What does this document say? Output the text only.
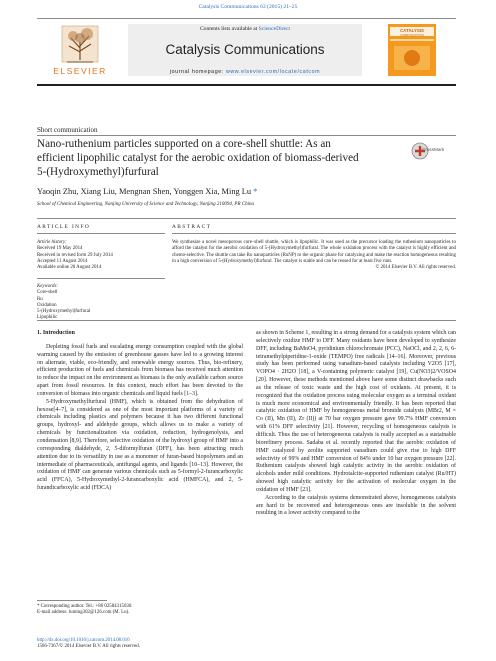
Catalysis Communications 63 (2015) 21–25
ELSEVIER
Contents lists available at ScienceDirect
Catalysis Communications
journal homepage: www.elsevier.com/locate/catcom
CATALYSIS
COMMUNICATIONS
Short communication
Nano-ruthenium particles supported on a core-shell shuttle: As an efficient lipophilic catalyst for the aerobic oxidation of biomass-derived 5-(Hydroxymethyl)furfural
CrossMark
Yaoqin Zhu, Xiang Liu, Mengnan Shen, Yonggen Xia, Ming Lu *
School of Chemical Engineering, Nanjing University of Science and Technology, Nanjing 210094, PR China
ARTICLE INFO	ABSTRACT
Article history:
Received 19 May 2014
Received in revised form 29 July 2014
Accepted 11 August 2014
Available online 20 August 2014
Keywords:
Core-shell
Ru
Oxidation
5-(Hydroxymethyl)furfural
Lipophilic
We synthesize a novel mesoporous core–shell shuttle, which is lipophilic. It was used as the precursor loading the ruthenium nanoparticles to afford the catalyst for the aerobic oxidation of 5-(Hydroxymethyl)furfural. The whole oxidation process with the catalyst is highly efficient and chemo-selective. The shuttle can take Ru nanoparticles (RuNP) to the organic phase for catalyzing and make the reaction homogeneous resulting in a high conversion of 5-(Hydroxymethyl)furfural. The catalyst is stable and can be reused for at least five runs.
© 2014 Elsevier B.V. All rights reserved.

1. Introduction

Depleting fossil fuels and escalating energy consumption coupled with the global warming caused by the emission of greenhouse gasses have led to a growing interest on alternate, viable, eco-friendly, and renewable energy sources. Thus, bio-refinery, efficient production of fuels and chemicals from biomass has received much attention to reduce the impact on the environment as biomass is the only available carbon source apart from fossil resources. In this context, much effort has been devoted to the conversion of biomass into organic chemicals and liquid fuels [1–3].

5-Hydroxymethylfurfural (HMF), which is obtained from the dehydration of hexose[4–7], is considered as one of the most important platforms of a variety of chemicals including plastics and polymers because it has two different functional groups, hydroxyl- and aldehyde groups, which allows us to make a variety of chemicals by functionalization via oxidation, reduction, hydrogenolysis, and condensation [8,9]. Therefore, selective oxidation of the hydroxyl group of HMF into a corresponding dialdehyde, 2, 5-diformylfuran (DFF), has been attracting much attention due to its versatility in use as a monomer of furan-based biopolymers and an intermediate of pharmaceuticals, antifungal agents, and ligands [10–13]. However, the oxidation of HMF can generate various chemicals such as 5-formyl-2-furancarboxylic acid (FFCA), 5-Hydroxymethyl-2-furancarboxylic acid (HMFCA), and 2, 5-furandicarboxylic acid (FDCA)

as shown in Scheme 1, resulting in a strong demand for a catalysis system which can selectively oxidize HMF to DFF. Many oxidants have been developed to synthesize DFF, including BaMnO4, pyridinium chlorochromate (PCC), NaOCl, and 2, 2, 6, 6-tetramethylpiperidine-1-oxide (TEMPO) free radicals [14–16]. Moreover, previous study has been performed using vanadium-based catalysts including V2O5 [17], VOPO4 · 2H2O [18], a V-containing polymeric catalyst [19], Cu(NO3)2/VOSO4 [20]. However, these methods mentioned above have some distinct drawbacks such as the release of toxic waste and the high cost of oxidants. At present, it is recognized that the oxidation process using molecular oxygen as a terminal oxidant is much more economical and environmentally friendly. It has been reported that catalytic oxidation of HMF by homogeneous metal bromide catalysts (MBr2, M = Co (II), Mn (II), Zr (II)) at 70 bar oxygen pressure gave 99.7% HMF conversion with 61% DFF selectivity [21]. However, recycling of homogeneous catalysts is difficult. Thus the use of heterogeneous catalysts is really accepted as a sustainable biorefinery process. Sadaba et al. recently reported that the aerobic oxidation of HMF catalyzed by zeolite supported vanadium could give rise to high DFF selectivity of 99% and HMF conversion of 84% under 10 bar oxygen pressure [22]. Ruthenium catalysts showed high catalytic activity in the aerobic oxidation of alcohols under mild conditions. Hydrotalcite-supported ruthenium catalyst (Ru/HT) showed high catalytic activity for the activation of molecular oxygen in the oxidation of HMF [23].

According to the catalysis systems demonstrated above, homogeneous catalysts are hard to be recovered and heterogeneous ones are insoluble in the solvent resulting in a lower activity compared to the

* Corresponding author. Tel.: +86 02584315030.
E-mail address: luming302@126.com (M. Lu).
http://dx.doi.org/10.1016/j.catcom.2014.08.016
1566-7367/© 2014 Elsevier B.V. All rights reserved.
